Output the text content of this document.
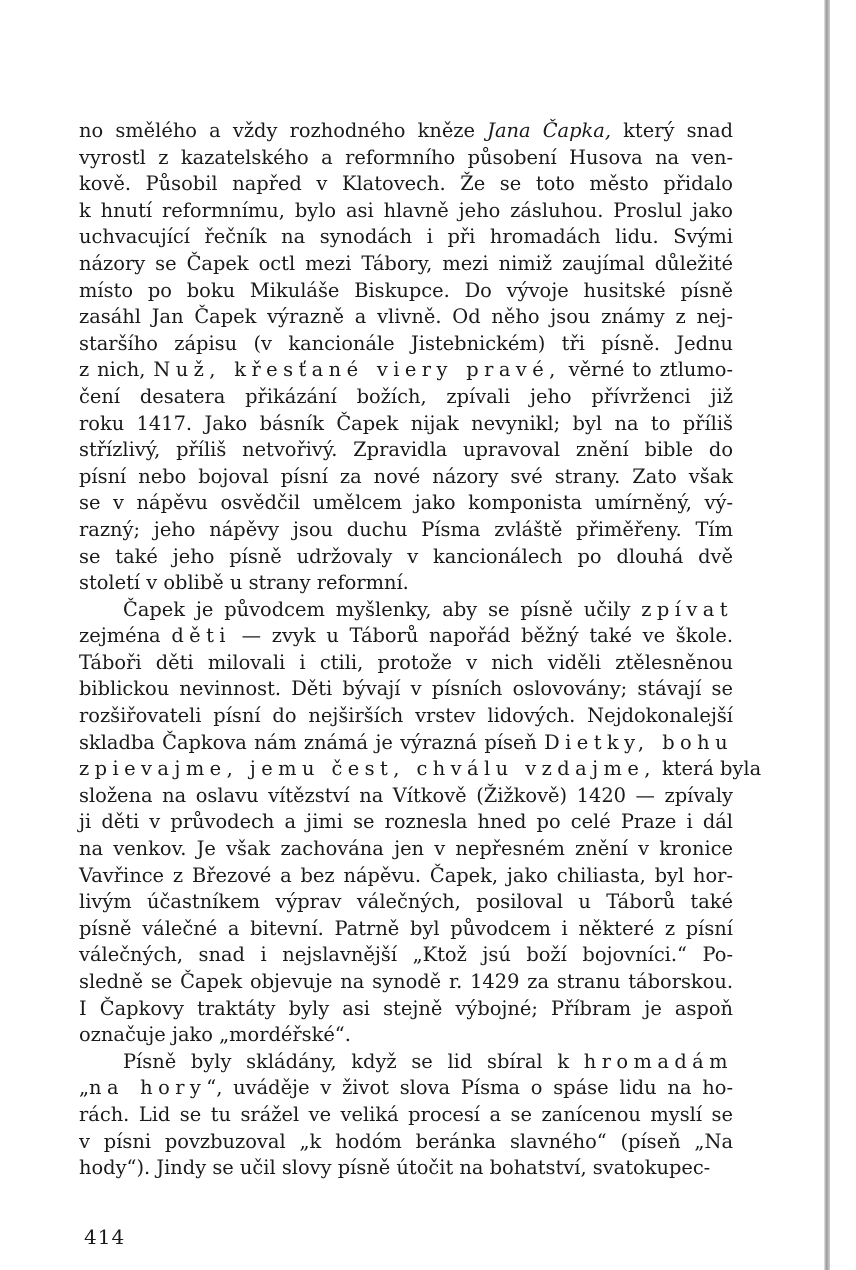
no smělého a vždy rozhodného kněze Jana Čapka, který snad
vyrostl z kazatelského a reformního působení Husova na ven-
kově. Působil napřed v Klatovech. Že se toto město přidalo
k hnutí reformnímu, bylo asi hlavně jeho zásluhou. Proslul jako
uchvacující řečník na synodách i při hromadách lidu. Svými
názory se Čapek octl mezi Tábory, mezi nimiž zaujímal důležité
místo po boku Mikuláše Biskupce. Do vývoje husitské písně
zasáhl Jan Čapek výrazně a vlivně. Od něho jsou známy z nej-
staršího zápisu (v kancionále Jistebnickém) tři písně. Jednu
z nich, Nuž, křesťané viery pravé, věrné to ztlumo-
čení desatera přikázání božích, zpívali jeho přívrženci již
roku 1417. Jako básník Čapek nijak nevynikl; byl na to příliš
střízlivý, příliš netvořivý. Zpravidla upravoval znění bible do
písní nebo bojoval písní za nové názory své strany. Zato však
se v nápěvu osvědčil umělcem jako komponista umírněný, vý-
razný; jeho nápěvy jsou duchu Písma zvláště přiměřeny. Tím
se také jeho písně udržovaly v kancionálech po dlouhá dvě
století v oblibě u strany reformní.

Čapek je původcem myšlenky, aby se písně učily zpívat
zejména děti — zvyk u Táborů napořád běžný také ve škole.
Táboři děti milovali i ctili, protože v nich viděli ztělesněnou
biblickou nevinnost. Děti bývají v písních oslovovány; stávají se
rozšiřovateli písní do nejširších vrstev lidových. Nejdokonalejší
skladba Čapkova nám známá je výrazná píseň Dietky, bohu
zpievajme, jemu čest, chválu vzdajme, která byla
složena na oslavu vítězství na Vítkově (Žižkově) 1420 — zpívaly
ji děti v průvodech a jimi se roznesla hned po celé Praze i dál
na venkov. Je však zachována jen v nepřesném znění v kronice
Vavřince z Březové a bez nápěvu. Čapek, jako chiliasta, byl hor-
livým účastníkem výprav válečných, posiloval u Táborů také
písně válečné a bitevní. Patrně byl původcem i některé z písní
válečných, snad i nejslavnější „Ktož jsú boží bojovníci.“ Po-
sledně se Čapek objevuje na synodě r. 1429 za stranu táborskou.
I Čapkovy traktáty byly asi stejně výbojné; Příbram je aspoň
označuje jako „mordéřské“.

Písně byly skládány, když se lid sbíral k hromadám
„na hory“, uváděje v život slova Písma o spáse lidu na ho-
rách. Lid se tu srážel ve veliká procesí a se zanícenou myslí se
v písni povzbuzoval „k hodóm beránka slavného“ (píseň „Na
hody“). Jindy se učil slovy písně útočit na bohatství, svatokupec-

414
